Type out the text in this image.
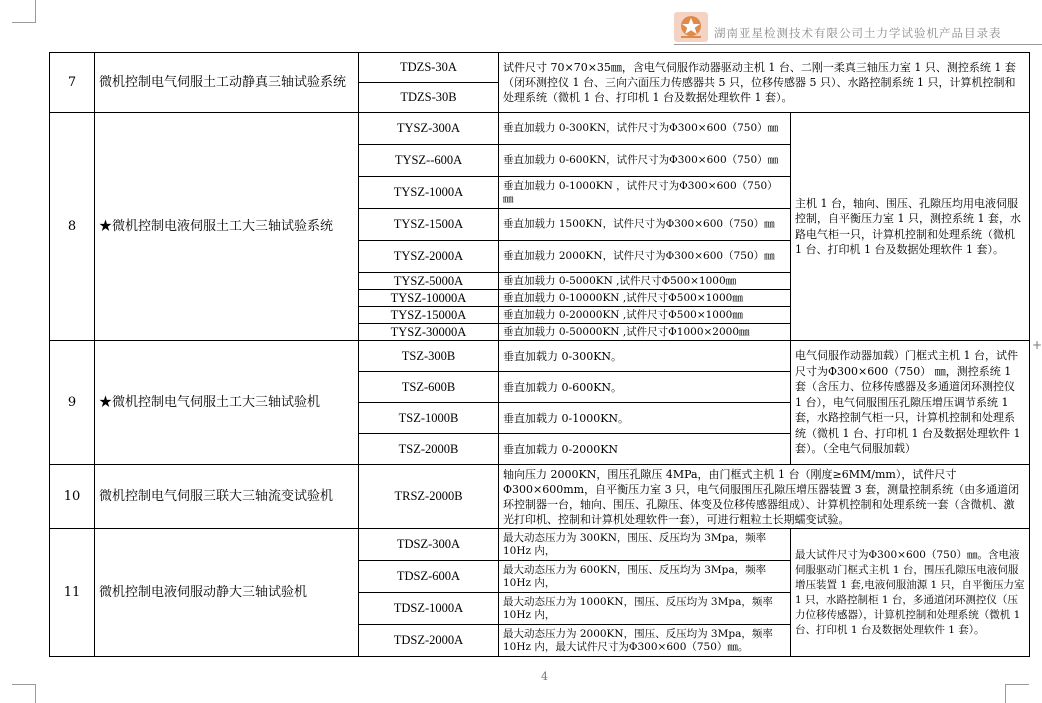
+
湖南亚星检测技术有限公司土力学试验机产品目录表
7	微机控制电气伺服土工动静真三轴试验系统	TDZS-30A	试件尺寸 70×70×35㎜，含电气伺服作动器驱动主机 1 台、二刚一柔真三轴压力室 1 只、测控系统 1 套（闭环测控仪 1 台、三向六面压力传感器共 5 只，位移传感器 5 只）、水路控制系统 1 只，计算机控制和处理系统（微机 1 台、打印机 1 台及数据处理软件 1 套）。	
		TDZS-30B		
8	★微机控制电液伺服土工大三轴试验系统	TYSZ-300A	垂直加载力 0-300KN，试件尺寸为Φ300×600（750）㎜	主机 1 台，轴向、围压、孔隙压均用电液伺服控制，自平衡压力室 1 只，测控系统 1 套，水路电气柜一只，计算机控制和处理系统（微机 1 台、打印机 1 台及数据处理软件 1 套）。
		TYSZ--600A	垂直加载力 0-600KN，试件尺寸为Φ300×600（750）㎜	
		TYSZ-1000A	垂直加载力 0-1000KN ，试件尺寸为Φ300×600（750）㎜	
		TYSZ-1500A	垂直加载力 1500KN，试件尺寸为Φ300×600（750）㎜	
		TYSZ-2000A	垂直加载力 2000KN，试件尺寸为Φ300×600（750）㎜	
		TYSZ-5000A	垂直加载力 0-5000KN ,试件尺寸Φ500×1000㎜	
		TYSZ-10000A	垂直加载力 0-10000KN ,试件尺寸Φ500×1000㎜	
		TYSZ-15000A	垂直加载力 0-20000KN ,试件尺寸Φ500×1000㎜	
		TYSZ-30000A	垂直加载力 0-50000KN ,试件尺寸Φ1000×2000㎜	
9	★微机控制电气伺服土工大三轴试验机	TSZ-300B	垂直加载力 0-300KN。	电气伺服作动器加载）门框式主机 1 台，试件尺寸为Φ300×600（750） ㎜，测控系统 1 套（含压力、位移传感器及多通道闭环测控仪 1 台），电气伺服围压孔隙压增压调节系统 1 套，水路控制气柜一只，计算机控制和处理系统（微机 1 台、打印机 1 台及数据处理软件 1 套）。（全电气伺服加载）
		TSZ-600B	垂直加载力 0-600KN。	
		TSZ-1000B	垂直加载力 0-1000KN。	
		TSZ-2000B	垂直加载力 0-2000KN	
10	微机控制电气伺服三联大三轴流变试验机	TRSZ-2000B	轴向压力 2000KN，围压孔隙压 4MPa，由门框式主机 1 台（刚度≥6MM/mm），试件尺寸Φ300×600mm，自平衡压力室 3 只，电气伺服围压孔隙压增压器装置 3 套，测量控制系统（由多通道闭环控制器一台，轴向、围压、孔隙压、体变及位移传感器组成）、计算机控制和处理系统一套（含微机、激光打印机、控制和计算机处理软件一套），可进行粗粒土长期蠕变试验。	
11	微机控制电液伺服动静大三轴试验机	TDSZ-300A	最大动态压力为 300KN，围压、反压均为 3Mpa，频率 10Hz 内，	最大试件尺寸为Φ300×600（750）㎜。含电液伺服驱动门框式主机 1 台，围压孔隙压电液伺服增压装置 1 套,电液伺服油源 1 只，自平衡压力室 1 只，水路控制柜 1 台，多通道闭环测控仪（压力位移传感器），计算机控制和处理系统（微机 1 台、打印机 1 台及数据处理软件 1 套）。
		TDSZ-600A	最大动态压力为 600KN，围压、反压均为 3Mpa，频率 10Hz 内，	
		TDSZ-1000A	最大动态压力为 1000KN，围压、反压均为 3Mpa，频率 10Hz 内，	
		TDSZ-2000A	最大动态压力为 2000KN，围压、反压均为 3Mpa，频率 10Hz 内，最大试件尺寸为Φ300×600（750）㎜。	
4
